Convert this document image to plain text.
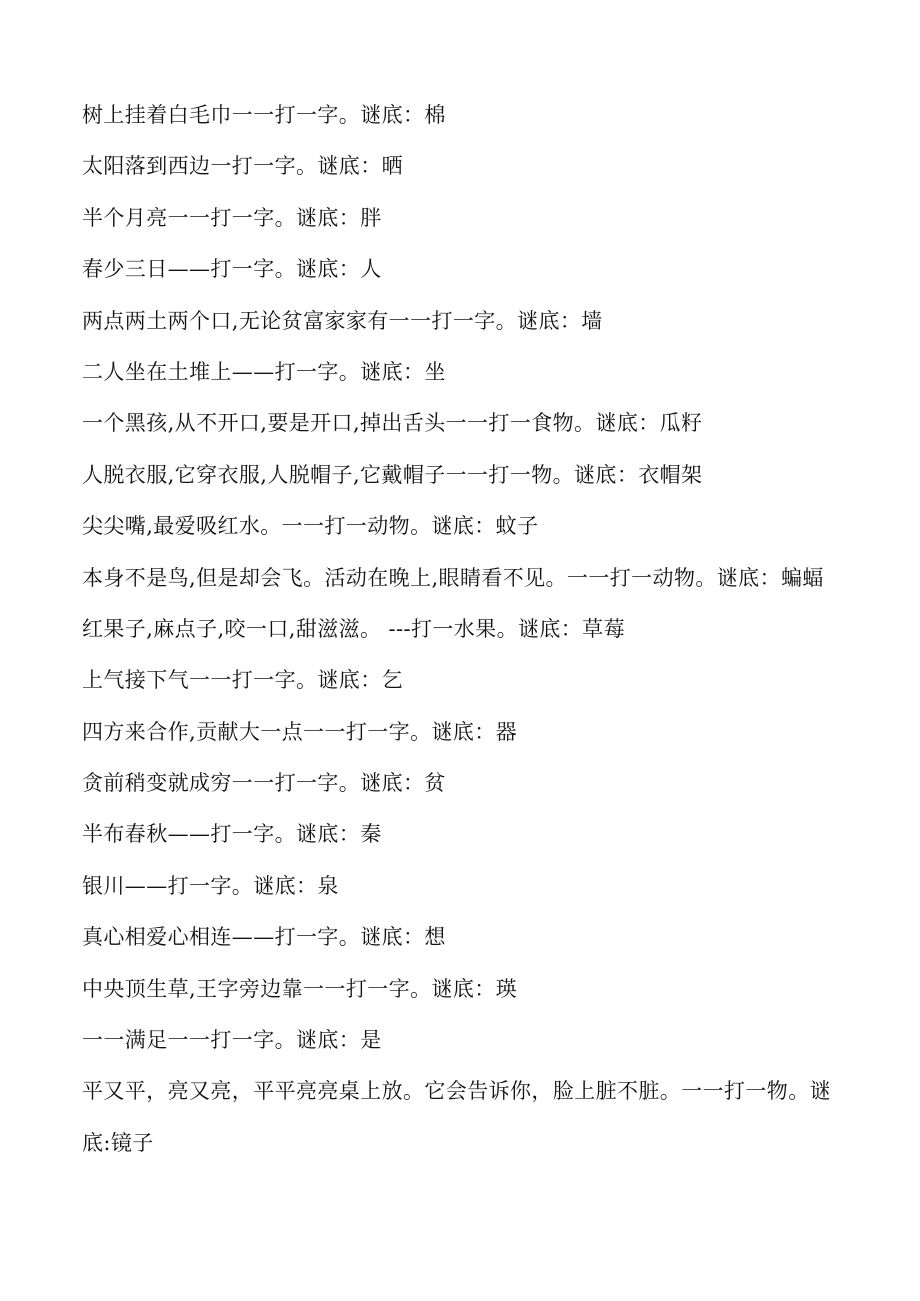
树上挂着白毛巾一一打一字。谜底：棉
太阳落到西边一打一字。谜底：晒
半个月亮一一打一字。谜底：胖
春少三日——打一字。谜底：人
两点两土两个口,无论贫富家家有一一打一字。谜底：墙
二人坐在土堆上——打一字。谜底：坐
一个黑孩,从不开口,要是开口,掉出舌头一一打一食物。谜底：瓜籽
人脱衣服,它穿衣服,人脱帽子,它戴帽子一一打一物。谜底：衣帽架
尖尖嘴,最爱吸红水。一一打一动物。谜底：蚊子
本身不是鸟,但是却会飞。活动在晚上,眼睛看不见。一一打一动物。谜底：蝙蝠
红果子,麻点子,咬一口,甜滋滋。 ---打一水果。谜底：草莓
上气接下气一一打一字。谜底：乞
四方来合作,贡献大一点一一打一字。谜底：器
贪前稍变就成穷一一打一字。谜底：贫
半布春秋——打一字。谜底：秦
银川——打一字。谜底：泉
真心相爱心相连——打一字。谜底：想
中央顶生草,王字旁边靠一一打一字。谜底：瑛
一一满足一一打一字。谜底：是
平又平，亮又亮，平平亮亮桌上放。它会告诉你，脸上脏不脏。一一打一物。谜
底:镜子
